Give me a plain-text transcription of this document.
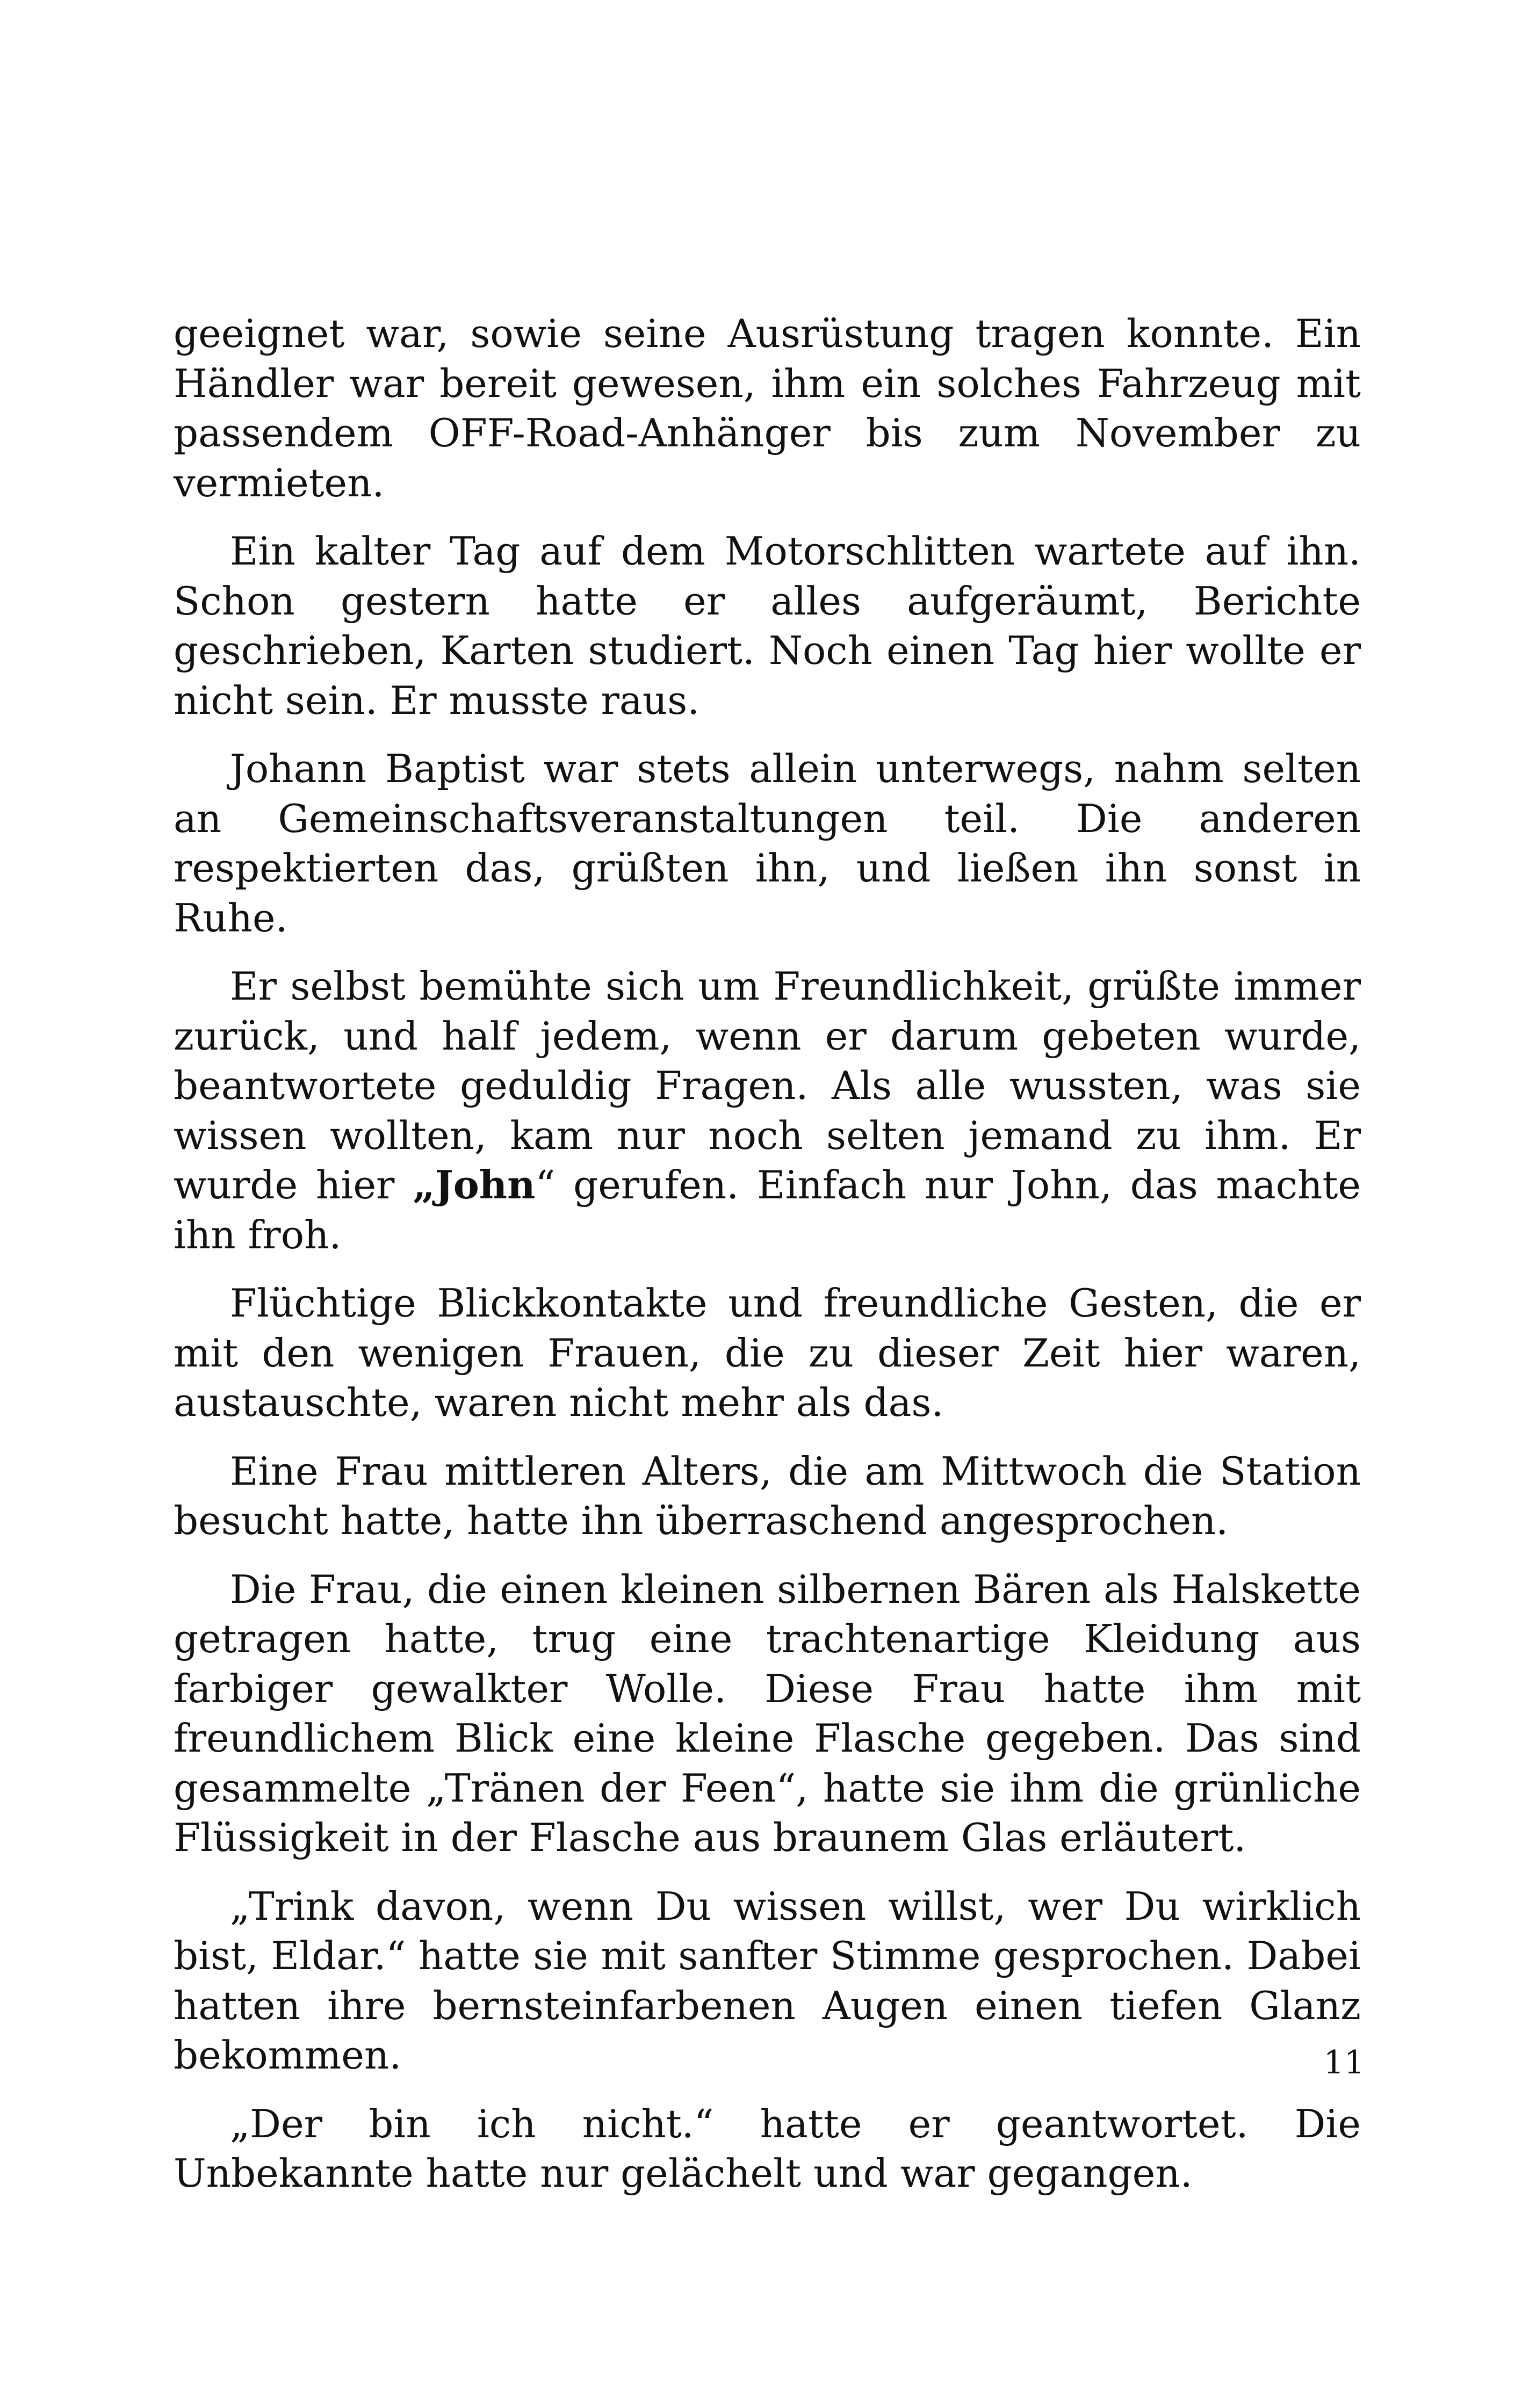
geeignet war, sowie seine Ausrüstung tragen konnte. Ein Händler war bereit gewesen, ihm ein solches Fahrzeug mit passendem OFF-Road-Anhänger bis zum November zu vermieten.

Ein kalter Tag auf dem Motorschlitten wartete auf ihn. Schon gestern hatte er alles aufgeräumt, Berichte geschrieben, Karten studiert. Noch einen Tag hier wollte er nicht sein. Er musste raus.

Johann Baptist war stets allein unterwegs, nahm selten an Gemeinschaftsveranstaltungen teil. Die anderen respektierten das, grüßten ihn, und ließen ihn sonst in Ruhe.

Er selbst bemühte sich um Freundlichkeit, grüßte immer zurück, und half jedem, wenn er darum gebeten wurde, beantwortete geduldig Fragen. Als alle wussten, was sie wissen wollten, kam nur noch selten jemand zu ihm. Er wurde hier „John“ gerufen. Einfach nur John, das machte ihn froh.

Flüchtige Blickkontakte und freundliche Gesten, die er mit den wenigen Frauen, die zu dieser Zeit hier waren, austauschte, waren nicht mehr als das.

Eine Frau mittleren Alters, die am Mittwoch die Station besucht hatte, hatte ihn überraschend angesprochen.

Die Frau, die einen kleinen silbernen Bären als Halskette getragen hatte, trug eine trachtenartige Kleidung aus farbiger gewalkter Wolle. Diese Frau hatte ihm mit freundlichem Blick eine kleine Flasche gegeben. Das sind gesammelte „Tränen der Feen“, hatte sie ihm die grünliche Flüssigkeit in der Flasche aus braunem Glas erläutert.

„Trink davon, wenn Du wissen willst, wer Du wirklich bist, Eldar.“ hatte sie mit sanfter Stimme gesprochen. Dabei hatten ihre bernsteinfarbenen Augen einen tiefen Glanz bekommen.

„Der bin ich nicht.“ hatte er geantwortet. Die Unbekannte hatte nur gelächelt und war gegangen.

11
